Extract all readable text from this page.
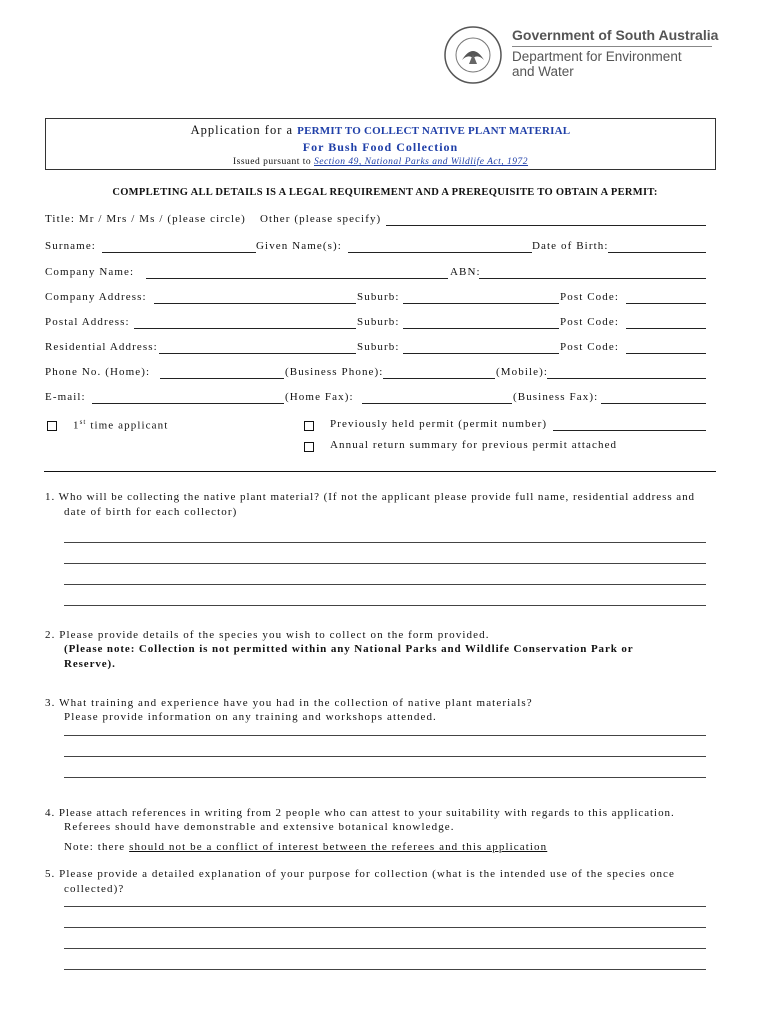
Government of South Australia
Department for Environment
and Water
Application for a PERMIT TO COLLECT NATIVE PLANT MATERIAL
For Bush Food Collection
Issued pursuant to Section 49, National Parks and Wildlife Act, 1972
COMPLETING ALL DETAILS IS A LEGAL REQUIREMENT AND A PREREQUISITE TO OBTAIN A PERMIT:
Title: Mr / Mrs / Ms / (please circle) Other (please specify)
Surname:	Given Name(s):	Date of Birth:
Company Name:	ABN:
Company Address:	Suburb:	Post Code:
Postal Address:	Suburb:	Post Code:
Residential Address:	Suburb:	Post Code:
Phone No. (Home):	(Business Phone):	(Mobile):
E-mail:	(Home Fax):	(Business Fax):
1st time applicant	Previously held permit (permit number)
Annual return summary for previous permit attached
1. Who will be collecting the native plant material? (If not the applicant please provide full name, residential address and
date of birth for each collector)
2. Please provide details of the species you wish to collect on the form provided.
(Please note: Collection is not permitted within any National Parks and Wildlife Conservation Park or
Reserve).
3. What training and experience have you had in the collection of native plant materials?
Please provide information on any training and workshops attended.
4. Please attach references in writing from 2 people who can attest to your suitability with regards to this application.
Referees should have demonstrable and extensive botanical knowledge.
Note: there should not be a conflict of interest between the referees and this application
5. Please provide a detailed explanation of your purpose for collection (what is the intended use of the species once
collected)?
